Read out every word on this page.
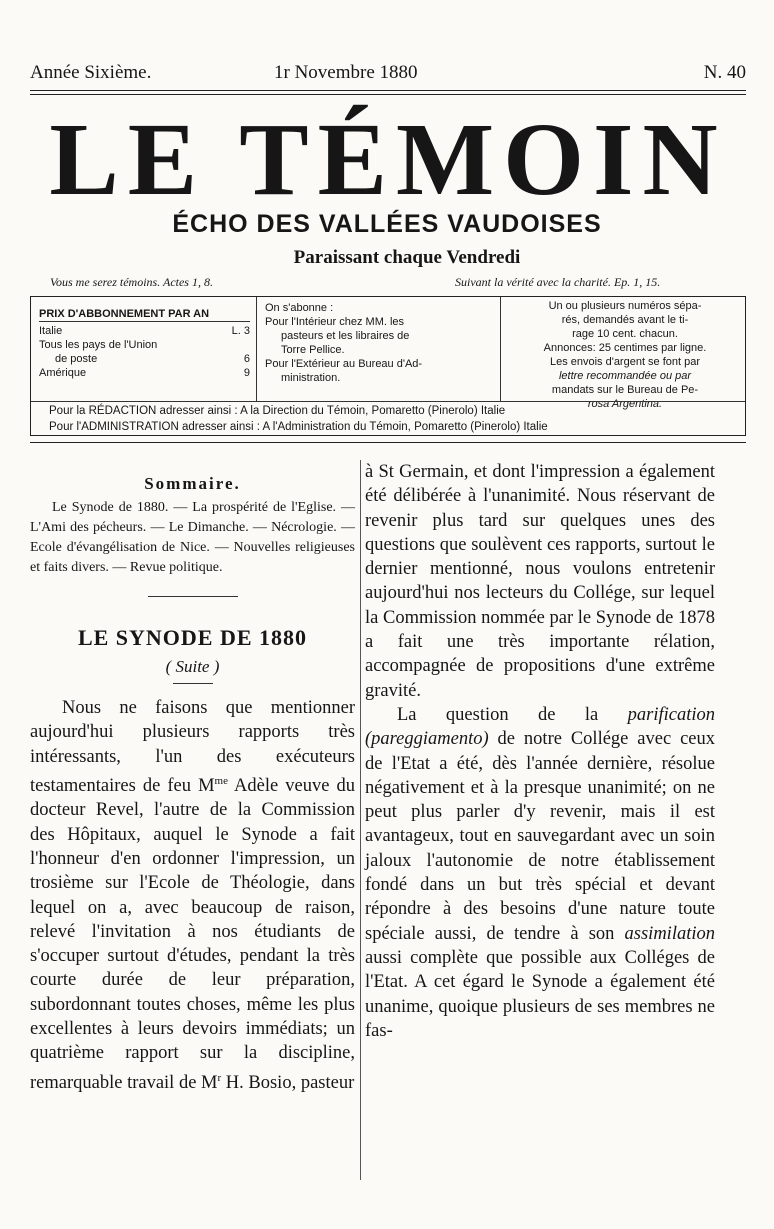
Année Sixième.	1r Novembre 1880	N. 40
LE TÉMOIN
ÉCHO DES VALLÉES VAUDOISES
Paraissant chaque Vendredi
Vous me serez témoins. Actes 1, 8.	Suivant la vérité avec la charité. Ep. 1, 15.
PRIX D'ABBONNEMENT PAR AN
Italie	L. 3
Tous les pays de l'Union
de poste	6
Amérique	9
On s'abonne :
Pour l'Intérieur chez MM. les
pasteurs et les libraires de
Torre Pellice.
Pour l'Extérieur au Bureau d'Ad-
ministration.
Un ou plusieurs numéros sépa-
rés, demandés avant le ti-
rage 10 cent. chacun.
Annonces: 25 centimes par ligne.
Les envois d'argent se font par
lettre recommandée ou par
mandats sur le Bureau de Pe-
rosa Argentina.
Pour la RÉDACTION adresser ainsi : A la Direction du Témoin, Pomaretto (Pinerolo) Italie
Pour l'ADMINISTRATION adresser ainsi : A l'Administration du Témoin, Pomaretto (Pinerolo) Italie
Sommaire.
Le Synode de 1880. — La prospérité de l'Eglise. — L'Ami des pécheurs. — Le Dimanche. — Nécrologie. — Ecole d'évangélisation de Nice. — Nouvelles religieuses et faits divers. — Revue politique.
LE SYNODE DE 1880
( Suite )

Nous ne faisons que mentionner aujourd'hui plusieurs rapports très intéressants, l'un des exécuteurs testamentaires de feu $M^{me}$ Adèle veuve du docteur Revel, l'autre de la Commission des Hôpitaux, auquel le Synode a fait l'honneur d'en ordonner l'impression, un trosième sur l'Ecole de Théologie, dans lequel on a, avec beaucoup de raison, relevé l'invitation à nos étudiants de s'occuper surtout d'études, pendant la très courte durée de leur préparation, subordonnant toutes choses, même les plus excellentes à leurs devoirs immédiats; un quatrième rapport sur la discipline, remarquable travail de $M^r$ H. Bosio, pasteur

à St Germain, et dont l'impression a également été délibérée à l'unanimité. Nous réservant de revenir plus tard sur quelques unes des questions que soulèvent ces rapports, surtout le dernier mentionné, nous voulons entretenir aujourd'hui nos lecteurs du Collége, sur lequel la Commission nommée par le Synode de 1878 a fait une très importante rélation, accompagnée de propositions d'une extrême gravité.

La question de la parification (pareggiamento) de notre Collége avec ceux de l'Etat a été, dès l'année dernière, résolue négativement et à la presque unanimité; on ne peut plus parler d'y revenir, mais il est avantageux, tout en sauvegardant avec un soin jaloux l'autonomie de notre établissement fondé dans un but très spécial et devant répondre à des besoins d'une nature toute spéciale aussi, de tendre à son assimilation aussi complète que possible aux Colléges de l'Etat. A cet égard le Synode a également été unanime, quoique plusieurs de ses membres ne fas-
